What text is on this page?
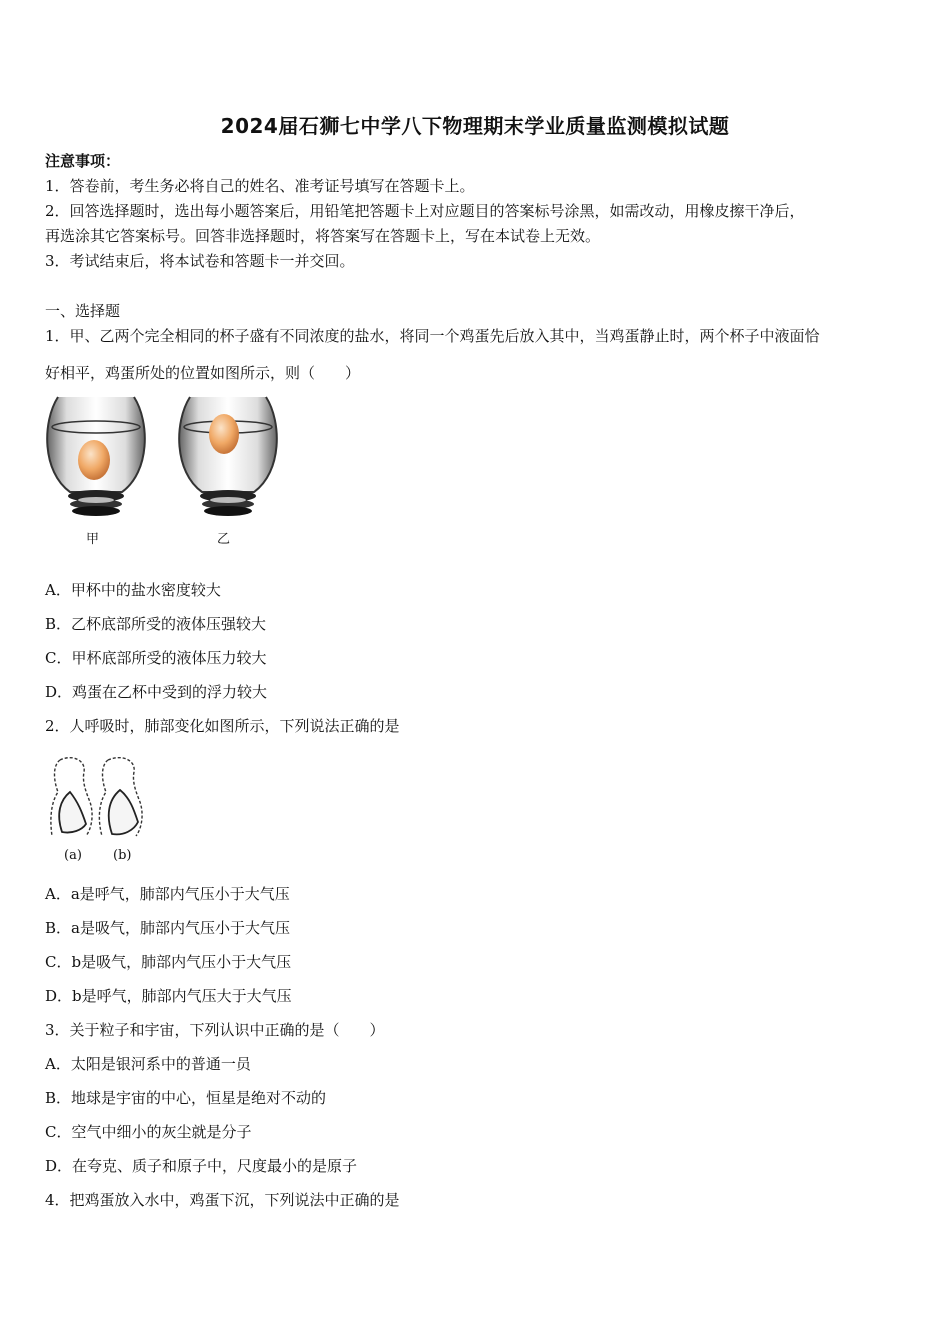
2024届石狮七中学八下物理期末学业质量监测模拟试题
注意事项：
1．答卷前，考生务必将自己的姓名、准考证号填写在答题卡上。
2．回答选择题时，选出每小题答案后，用铅笔把答题卡上对应题目的答案标号涂黑，如需改动，用橡皮擦干净后，
再选涂其它答案标号。回答非选择题时，将答案写在答题卡上，写在本试卷上无效。
3．考试结束后，将本试卷和答题卡一并交回。
一、选择题
1．甲、乙两个完全相同的杯子盛有不同浓度的盐水，将同一个鸡蛋先后放入其中，当鸡蛋静止时，两个杯子中液面恰
好相平，鸡蛋所处的位置如图所示，则（　　）
甲	乙
A．甲杯中的盐水密度较大
B．乙杯底部所受的液体压强较大
C．甲杯底部所受的液体压力较大
D．鸡蛋在乙杯中受到的浮力较大
2．人呼吸时，肺部变化如图所示，下列说法正确的是
(a) (b)
A．a是呼气，肺部内气压小于大气压
B．a是吸气，肺部内气压小于大气压
C．b是吸气，肺部内气压小于大气压
D．b是呼气，肺部内气压大于大气压
3．关于粒子和宇宙，下列认识中正确的是（　　）
A．太阳是银河系中的普通一员
B．地球是宇宙的中心，恒星是绝对不动的
C．空气中细小的灰尘就是分子
D．在夸克、质子和原子中，尺度最小的是原子
4．把鸡蛋放入水中，鸡蛋下沉，下列说法中正确的是
